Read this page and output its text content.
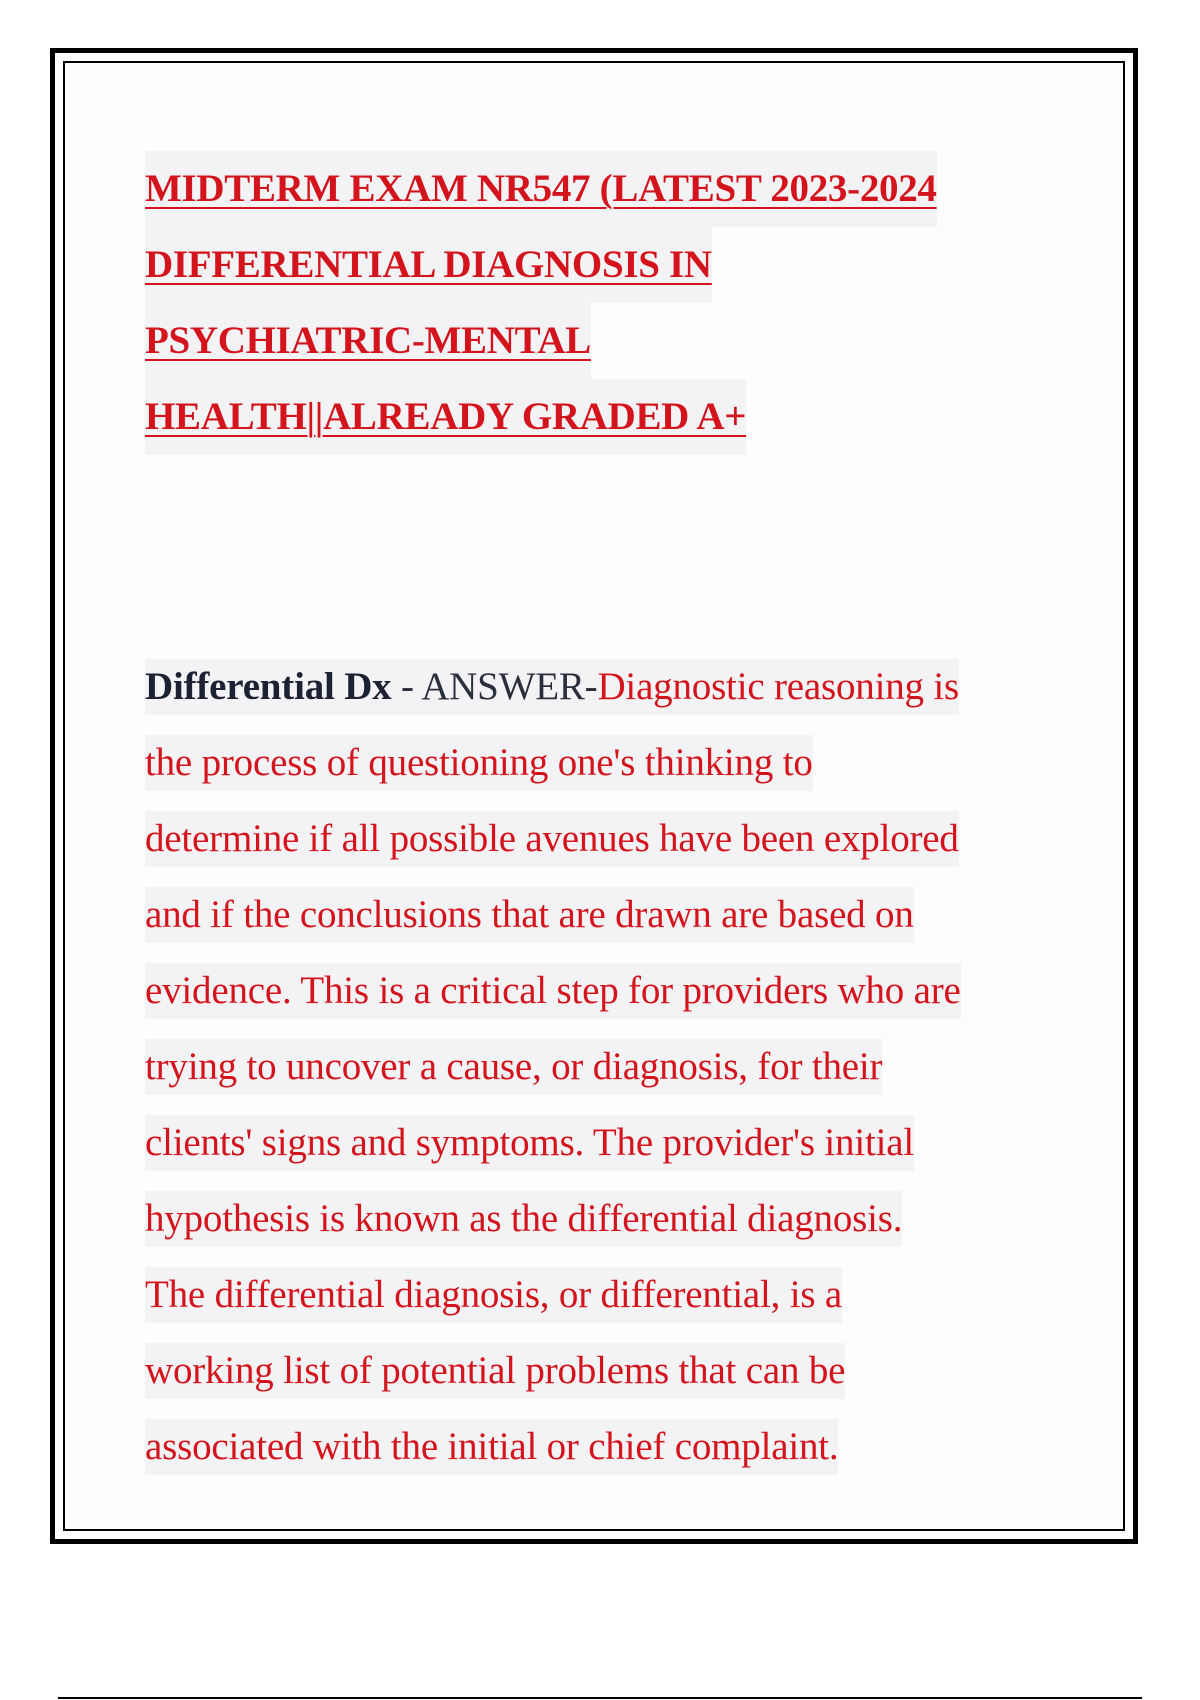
MIDTERM EXAM NR547 (LATEST 2023-2024
DIFFERENTIAL DIAGNOSIS IN
PSYCHIATRIC-MENTAL
HEALTH||ALREADY GRADED A+
Differential Dx - ANSWER-Diagnostic reasoning is
the process of questioning one's thinking to
determine if all possible avenues have been explored
and if the conclusions that are drawn are based on
evidence. This is a critical step for providers who are
trying to uncover a cause, or diagnosis, for their
clients' signs and symptoms. The provider's initial
hypothesis is known as the differential diagnosis.
The differential diagnosis, or differential, is a
working list of potential problems that can be
associated with the initial or chief complaint.
